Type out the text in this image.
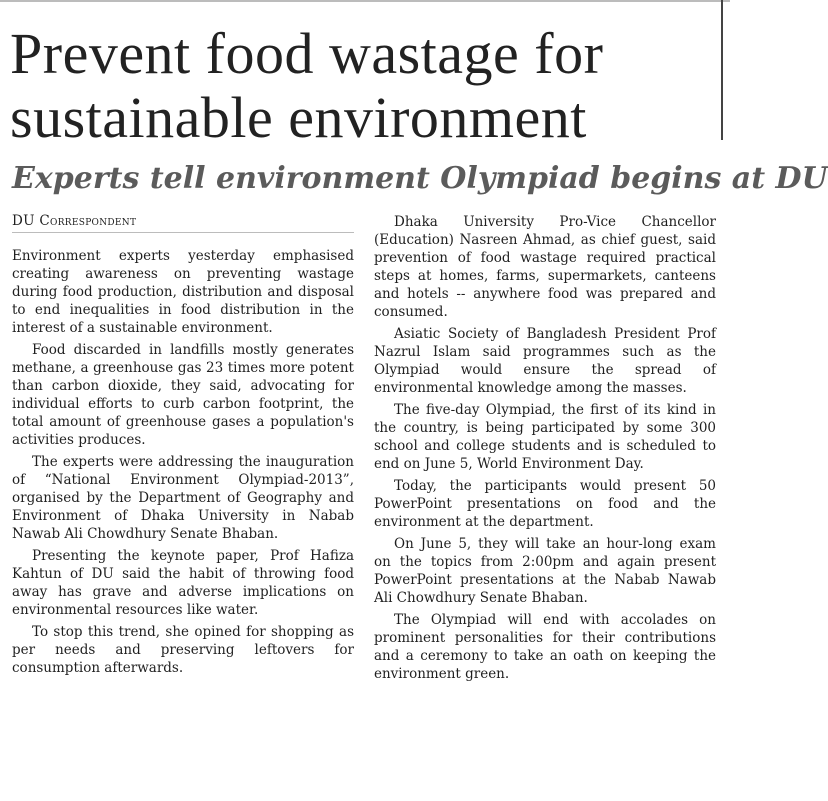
Prevent food wastage for sustainable environment
Experts tell environment Olympiad begins at DU
DU Correspondent

Environment experts yesterday emphasised creating awareness on preventing wastage during food production, distribution and disposal to end inequalities in food distribution in the interest of a sustainable environment.

Food discarded in landfills mostly generates methane, a greenhouse gas 23 times more potent than carbon dioxide, they said, advocating for individual efforts to curb carbon footprint, the total amount of greenhouse gases a population's activities produces.

The experts were addressing the inauguration of “National Environment Olympiad-2013”, organised by the Department of Geography and Environment of Dhaka University in Nabab Nawab Ali Chowdhury Senate Bhaban.

Presenting the keynote paper, Prof Hafiza Kahtun of DU said the habit of throwing food away has grave and adverse implications on environmental resources like water.

To stop this trend, she opined for shopping as per needs and preserving leftovers for consumption afterwards.

Dhaka University Pro-Vice Chancellor (Education) Nasreen Ahmad, as chief guest, said prevention of food wastage required practical steps at homes, farms, supermarkets, canteens and hotels -- anywhere food was prepared and consumed.

Asiatic Society of Bangladesh President Prof Nazrul Islam said programmes such as the Olympiad would ensure the spread of environmental knowledge among the masses.

The five-day Olympiad, the first of its kind in the country, is being participated by some 300 school and college students and is scheduled to end on June 5, World Environment Day.

Today, the participants would present 50 PowerPoint presentations on food and the environment at the department.

On June 5, they will take an hour-long exam on the topics from 2:00pm and again present PowerPoint presentations at the Nabab Nawab Ali Chowdhury Senate Bhaban.

The Olympiad will end with accolades on prominent personalities for their contributions and a ceremony to take an oath on keeping the environment green.
